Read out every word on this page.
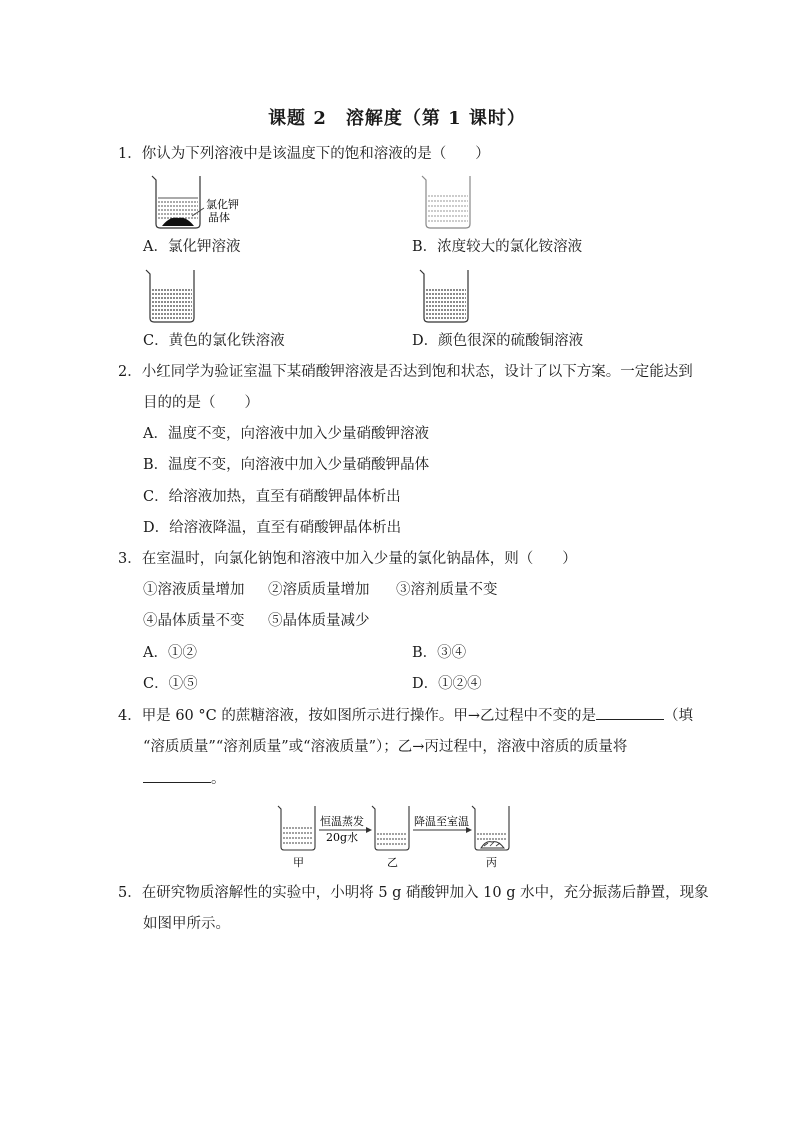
课题 2　溶解度（第 1 课时）
1．你认为下列溶液中是该温度下的饱和溶液的是（　　）
氯化钾
晶体
A．氯化钾溶液	B．浓度较大的氯化铵溶液
C．黄色的氯化铁溶液	D．颜色很深的硫酸铜溶液
2．小红同学为验证室温下某硝酸钾溶液是否达到饱和状态，设计了以下方案。一定能达到
目的的是（　　）
A．温度不变，向溶液中加入少量硝酸钾溶液
B．温度不变，向溶液中加入少量硝酸钾晶体
C．给溶液加热，直至有硝酸钾晶体析出
D．给溶液降温，直至有硝酸钾晶体析出
3．在室温时，向氯化钠饱和溶液中加入少量的氯化钠晶体，则（　　）
①溶液质量增加 ②溶质质量增加 ③溶剂质量不变
④晶体质量不变 ⑤晶体质量减少
A．①②	B．③④
C．①⑤	D．①②④
4．甲是 60 °C 的蔗糖溶液，按如图所示进行操作。甲→乙过程中不变的是	（填
“溶质质量”“溶剂质量”或“溶液质量”）；乙→丙过程中，溶液中溶质的质量将
。
恒温蒸发
20g水
降温至室温
甲	乙	丙
5．在研究物质溶解性的实验中，小明将 5 g 硝酸钾加入 10 g 水中，充分振荡后静置，现象
如图甲所示。
